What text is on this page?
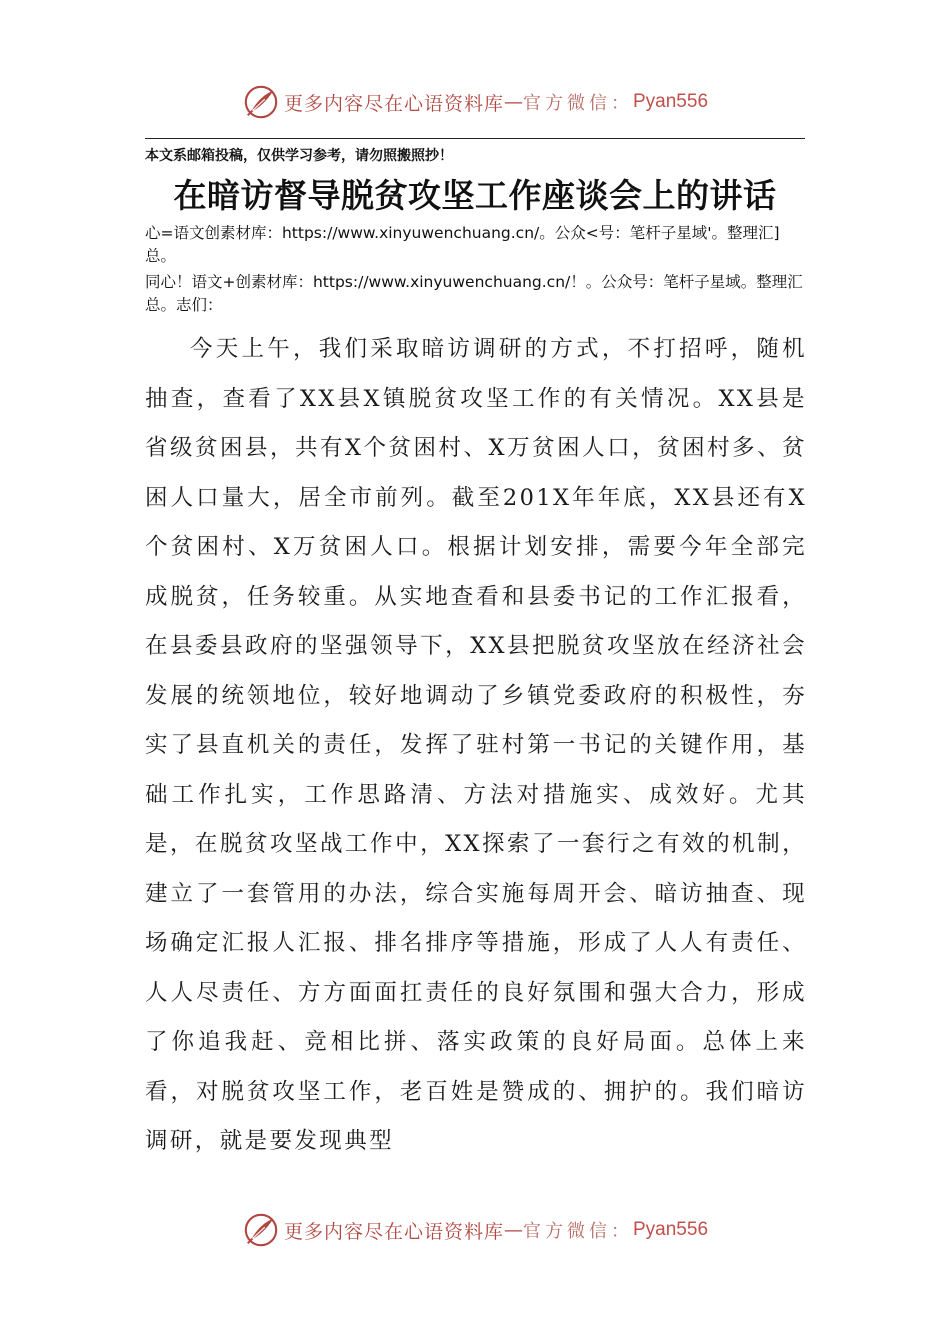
更多内容尽在心语资料库 — 官方微信： Pyan556
本文系邮箱投稿，仅供学习参考，请勿照搬照抄！
在暗访督导脱贫攻坚工作座谈会上的讲话
心=语文创素材库：https://www.xinyuwenchuang.cn/。公众<号：笔杆子星域'。整理汇]总。
同心！语文+创素材库：https://www.xinyuwenchuang.cn/！。公众号：笔杆子星域。整理汇总。志们：

今天上午，我们采取暗访调研的方式，不打招呼，随机抽查，查看了XX县X镇脱贫攻坚工作的有关情况。XX县是省级贫困县，共有X个贫困村、X万贫困人口，贫困村多、贫困人口量大，居全市前列。截至201X年年底，XX县还有X个贫困村、X万贫困人口。根据计划安排，需要今年全部完成脱贫，任务较重。从实地查看和县委书记的工作汇报看，在县委县政府的坚强领导下，XX县把脱贫攻坚放在经济社会发展的统领地位，较好地调动了乡镇党委政府的积极性，夯实了县直机关的责任，发挥了驻村第一书记的关键作用，基础工作扎实，工作思路清、方法对措施实、成效好。尤其是，在脱贫攻坚战工作中，XX探索了一套行之有效的机制，建立了一套管用的办法，综合实施每周开会、暗访抽查、现场确定汇报人汇报、排名排序等措施，形成了人人有责任、人人尽责任、方方面面扛责任的良好氛围和强大合力，形成了你追我赶、竞相比拼、落实政策的良好局面。总体上来看，对脱贫攻坚工作，老百姓是赞成的、拥护的。我们暗访调研，就是要发现典型

更多内容尽在心语资料库 — 官方微信： Pyan556
